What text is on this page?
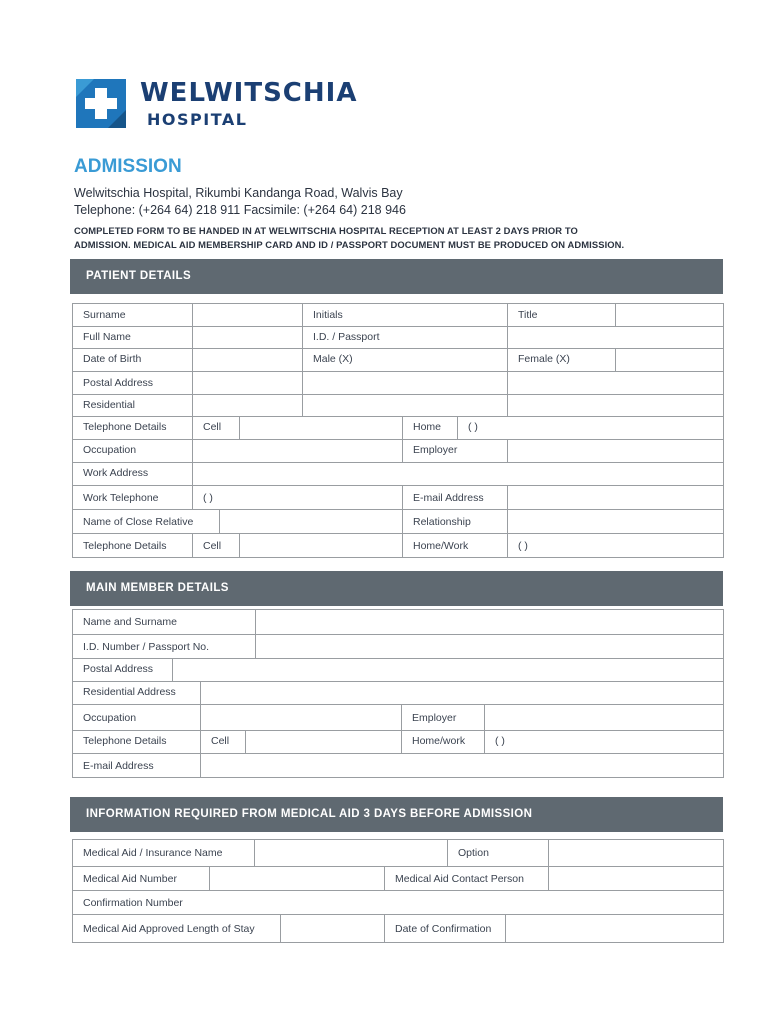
WELWITSCHIA
HOSPITAL
ADMISSION
Welwitschia Hospital, Rikumbi Kandanga Road, Walvis Bay
Telephone: (+264 64) 218 911 Facsimile: (+264 64) 218 946
COMPLETED FORM TO BE HANDED IN AT WELWITSCHIA HOSPITAL RECEPTION AT LEAST 2 DAYS PRIOR TO
ADMISSION. MEDICAL AID MEMBERSHIP CARD AND ID / PASSPORT DOCUMENT MUST BE PRODUCED ON ADMISSION.
PATIENT DETAILS
Surname	Initials	Title
Full Name	I.D. / Passport
Date of Birth	Male (X)	Female (X)
Postal Address
Residential
Telephone Details	Cell	Home	( )
Occupation	Employer
Work Address
Work Telephone	( )	E-mail Address
Name of Close Relative	Relationship
Telephone Details	Cell	Home/Work	( )
MAIN MEMBER DETAILS
Name and Surname
I.D. Number / Passport No.
Postal Address
Residential Address
Occupation	Employer
Telephone Details	Cell	Home/work	( )
E-mail Address
INFORMATION REQUIRED FROM MEDICAL AID 3 DAYS BEFORE ADMISSION
Medical Aid / Insurance Name	Option
Medical Aid Number	Medical Aid Contact Person
Confirmation Number
Medical Aid Approved Length of Stay	Date of Confirmation
